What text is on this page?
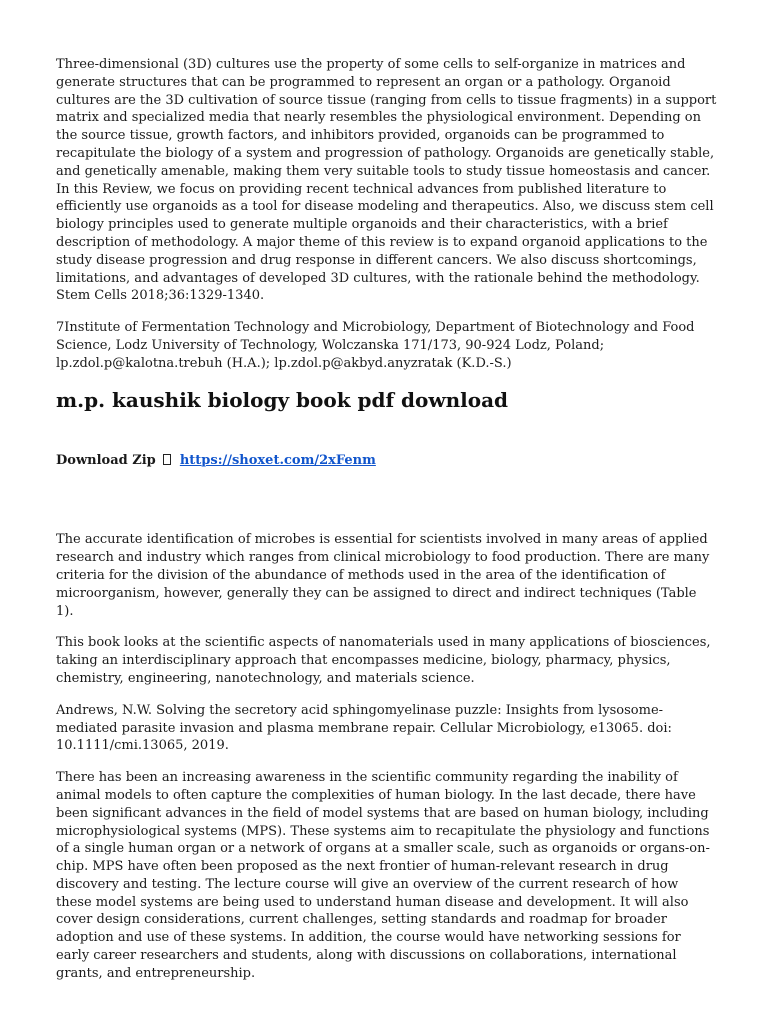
Three-dimensional (3D) cultures use the property of some cells to self-organize in matrices and generate structures that can be programmed to represent an organ or a pathology. Organoid cultures are the 3D cultivation of source tissue (ranging from cells to tissue fragments) in a support matrix and specialized media that nearly resembles the physiological environment. Depending on the source tissue, growth factors, and inhibitors provided, organoids can be programmed to recapitulate the biology of a system and progression of pathology. Organoids are genetically stable, and genetically amenable, making them very suitable tools to study tissue homeostasis and cancer. In this Review, we focus on providing recent technical advances from published literature to efficiently use organoids as a tool for disease modeling and therapeutics. Also, we discuss stem cell biology principles used to generate multiple organoids and their characteristics, with a brief description of methodology. A major theme of this review is to expand organoid applications to the study disease progression and drug response in different cancers. We also discuss shortcomings, limitations, and advantages of developed 3D cultures, with the rationale behind the methodology. Stem Cells 2018;36:1329-1340.

7Institute of Fermentation Technology and Microbiology, Department of Biotechnology and Food Science, Lodz University of Technology, Wolczanska 171/173, 90-924 Lodz, Poland; lp.zdol.p@kalotna.trebuh (H.A.); lp.zdol.p@akbyd.anyzratak (K.D.-S.)

m.p. kaushik biology book pdf download
Download Zip https://shoxet.com/2xFenm

The accurate identification of microbes is essential for scientists involved in many areas of applied research and industry which ranges from clinical microbiology to food production. There are many criteria for the division of the abundance of methods used in the area of the identification of microorganism, however, generally they can be assigned to direct and indirect techniques (Table 1).

This book looks at the scientific aspects of nanomaterials used in many applications of biosciences, taking an interdisciplinary approach that encompasses medicine, biology, pharmacy, physics, chemistry, engineering, nanotechnology, and materials science.

Andrews, N.W. Solving the secretory acid sphingomyelinase puzzle: Insights from lysosome-mediated parasite invasion and plasma membrane repair. Cellular Microbiology, e13065. doi: 10.1111/cmi.13065, 2019.

There has been an increasing awareness in the scientific community regarding the inability of animal models to often capture the complexities of human biology. In the last decade, there have been significant advances in the field of model systems that are based on human biology, including microphysiological systems (MPS). These systems aim to recapitulate the physiology and functions of a single human organ or a network of organs at a smaller scale, such as organoids or organs-on-chip. MPS have often been proposed as the next frontier of human-relevant research in drug discovery and testing. The lecture course will give an overview of the current research of how these model systems are being used to understand human disease and development. It will also cover design considerations, current challenges, setting standards and roadmap for broader adoption and use of these systems. In addition, the course would have networking sessions for early career researchers and students, along with discussions on collaborations, international grants, and entrepreneurship.
